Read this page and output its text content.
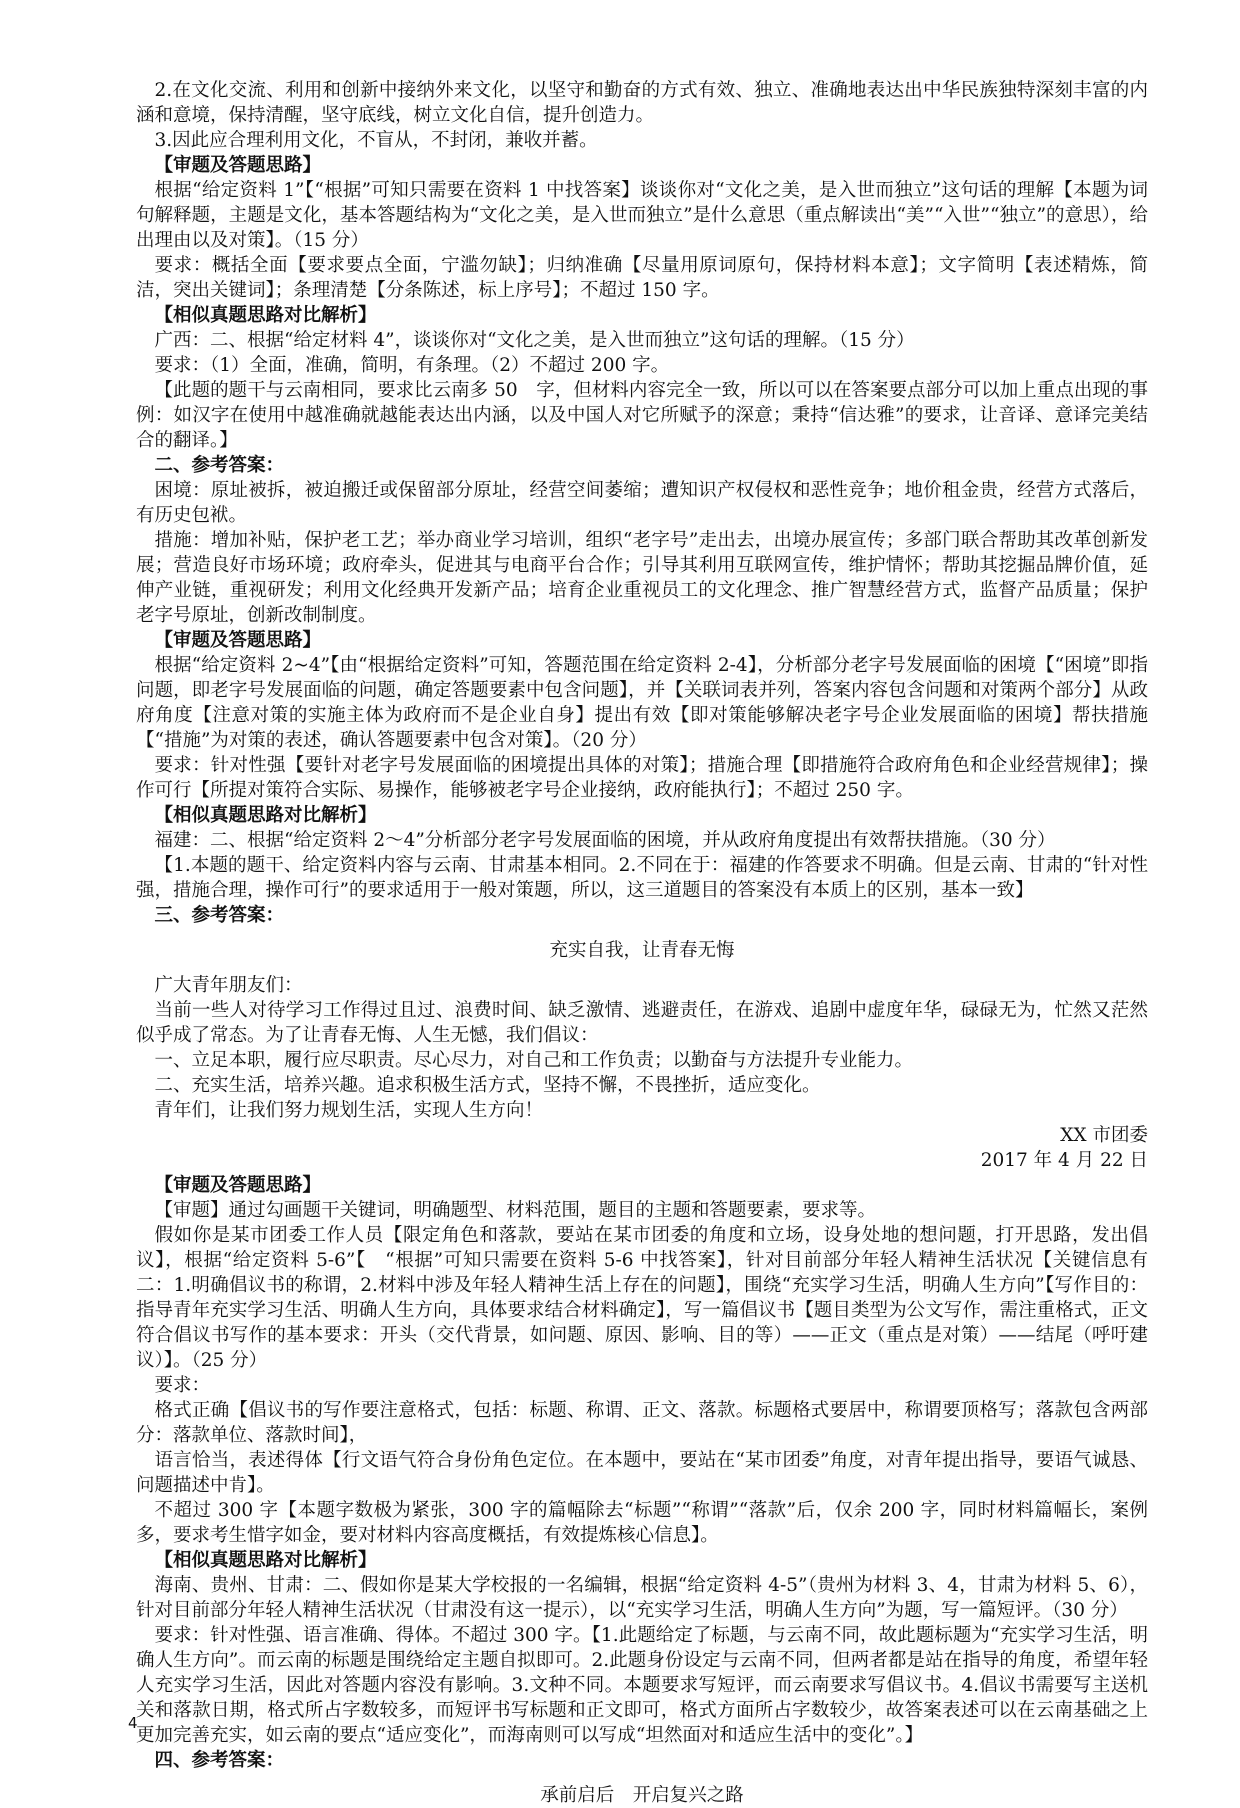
2.在文化交流、利用和创新中接纳外来文化，以坚守和勤奋的方式有效、独立、准确地表达出中华民族独特深刻丰富的内涵和意境，保持清醒，坚守底线，树立文化自信，提升创造力。

3.因此应合理利用文化，不盲从，不封闭，兼收并蓄。

【审题及答题思路】

根据“给定资料 1”【“根据”可知只需要在资料 1 中找答案】谈谈你对“文化之美，是入世而独立”这句话的理解【本题为词句解释题，主题是文化，基本答题结构为“文化之美，是入世而独立”是什么意思（重点解读出“美”“入世”“独立”的意思），给出理由以及对策】。（15 分）

要求：概括全面【要求要点全面，宁滥勿缺】；归纳准确【尽量用原词原句，保持材料本意】；文字简明【表述精炼，简洁，突出关键词】；条理清楚【分条陈述，标上序号】；不超过 150 字。

【相似真题思路对比解析】

广西：二、根据“给定材料 4”，谈谈你对“文化之美，是入世而独立”这句话的理解。（15 分）

要求：（1）全面，准确，简明，有条理。（2）不超过 200 字。

【此题的题干与云南相同，要求比云南多 50　字，但材料内容完全一致，所以可以在答案要点部分可以加上重点出现的事例：如汉字在使用中越准确就越能表达出内涵，以及中国人对它所赋予的深意；秉持“信达雅”的要求，让音译、意译完美结合的翻译。】

二、参考答案：

困境：原址被拆，被迫搬迁或保留部分原址，经营空间萎缩；遭知识产权侵权和恶性竞争；地价租金贵，经营方式落后，有历史包袱。

措施：增加补贴，保护老工艺；举办商业学习培训，组织“老字号”走出去，出境办展宣传；多部门联合帮助其改革创新发展；营造良好市场环境；政府牵头，促进其与电商平台合作；引导其利用互联网宣传，维护情怀；帮助其挖掘品牌价值，延伸产业链，重视研发；利用文化经典开发新产品；培育企业重视员工的文化理念、推广智慧经营方式，监督产品质量；保护老字号原址，创新改制制度。

【审题及答题思路】

根据“给定资料 2~4”【由“根据给定资料”可知，答题范围在给定资料 2-4】，分析部分老字号发展面临的困境【“困境”即指问题，即老字号发展面临的问题，确定答题要素中包含问题】，并【关联词表并列，答案内容包含问题和对策两个部分】从政府角度【注意对策的实施主体为政府而不是企业自身】提出有效【即对策能够解决老字号企业发展面临的困境】帮扶措施【“措施”为对策的表述，确认答题要素中包含对策】。（20 分）

要求：针对性强【要针对老字号发展面临的困境提出具体的对策】；措施合理【即措施符合政府角色和企业经营规律】；操作可行【所提对策符合实际、易操作，能够被老字号企业接纳，政府能执行】；不超过 250 字。

【相似真题思路对比解析】

福建：二、根据“给定资料 2～4”分析部分老字号发展面临的困境，并从政府角度提出有效帮扶措施。（30 分）

【1.本题的题干、给定资料内容与云南、甘肃基本相同。2.不同在于：福建的作答要求不明确。但是云南、甘肃的“针对性强，措施合理，操作可行”的要求适用于一般对策题，所以，这三道题目的答案没有本质上的区别，基本一致】

三、参考答案：

充实自我，让青春无悔

广大青年朋友们：

当前一些人对待学习工作得过且过、浪费时间、缺乏激情、逃避责任，在游戏、追剧中虚度年华，碌碌无为，忙然又茫然似乎成了常态。为了让青春无悔、人生无憾，我们倡议：

一、立足本职，履行应尽职责。尽心尽力，对自己和工作负责；以勤奋与方法提升专业能力。

二、充实生活，培养兴趣。追求积极生活方式，坚持不懈，不畏挫折，适应变化。

青年们，让我们努力规划生活，实现人生方向！

XX 市团委

2017 年 4 月 22 日

【审题及答题思路】

【审题】通过勾画题干关键词，明确题型、材料范围，题目的主题和答题要素，要求等。

假如你是某市团委工作人员【限定角色和落款，要站在某市团委的角度和立场，设身处地的想问题，打开思路，发出倡议】，根据“给定资料 5-6”【　“根据”可知只需要在资料 5-6 中找答案】，针对目前部分年轻人精神生活状况【关键信息有二：1.明确倡议书的称谓，2.材料中涉及年轻人精神生活上存在的问题】，围绕“充实学习生活，明确人生方向”【写作目的：指导青年充实学习生活、明确人生方向，具体要求结合材料确定】，写一篇倡议书【题目类型为公文写作，需注重格式，正文符合倡议书写作的基本要求：开头（交代背景，如问题、原因、影响、目的等）——正文（重点是对策）——结尾（呼吁建议）】。（25 分）

要求：

格式正确【倡议书的写作要注意格式，包括：标题、称谓、正文、落款。标题格式要居中，称谓要顶格写；落款包含两部分：落款单位、落款时间】，

语言恰当，表述得体【行文语气符合身份角色定位。在本题中，要站在“某市团委”角度，对青年提出指导，要语气诚恳、问题描述中肯】。

不超过 300 字【本题字数极为紧张，300 字的篇幅除去“标题”“称谓”“落款”后，仅余 200 字，同时材料篇幅长，案例多，要求考生惜字如金，要对材料内容高度概括，有效提炼核心信息】。

【相似真题思路对比解析】

海南、贵州、甘肃：二、假如你是某大学校报的一名编辑，根据“给定资料 4-5”（贵州为材料 3、4，甘肃为材料 5、6），针对目前部分年轻人精神生活状况（甘肃没有这一提示），以“充实学习生活，明确人生方向”为题，写一篇短评。（30 分）

要求：针对性强、语言准确、得体。不超过 300 字。【1.此题给定了标题，与云南不同，故此题标题为“充实学习生活，明确人生方向”。而云南的标题是围绕给定主题自拟即可。2.此题身份设定与云南不同，但两者都是站在指导的角度，希望年轻人充实学习生活，因此对答题内容没有影响。3.文种不同。本题要求写短评，而云南要求写倡议书。4.倡议书需要写主送机关和落款日期，格式所占字数较多，而短评书写标题和正文即可，格式方面所占字数较少，故答案表述可以在云南基础之上更加完善充实，如云南的要点“适应变化”，而海南则可以写成“坦然面对和适应生活中的变化”。】

四、参考答案：

承前启后　开启复兴之路

4
